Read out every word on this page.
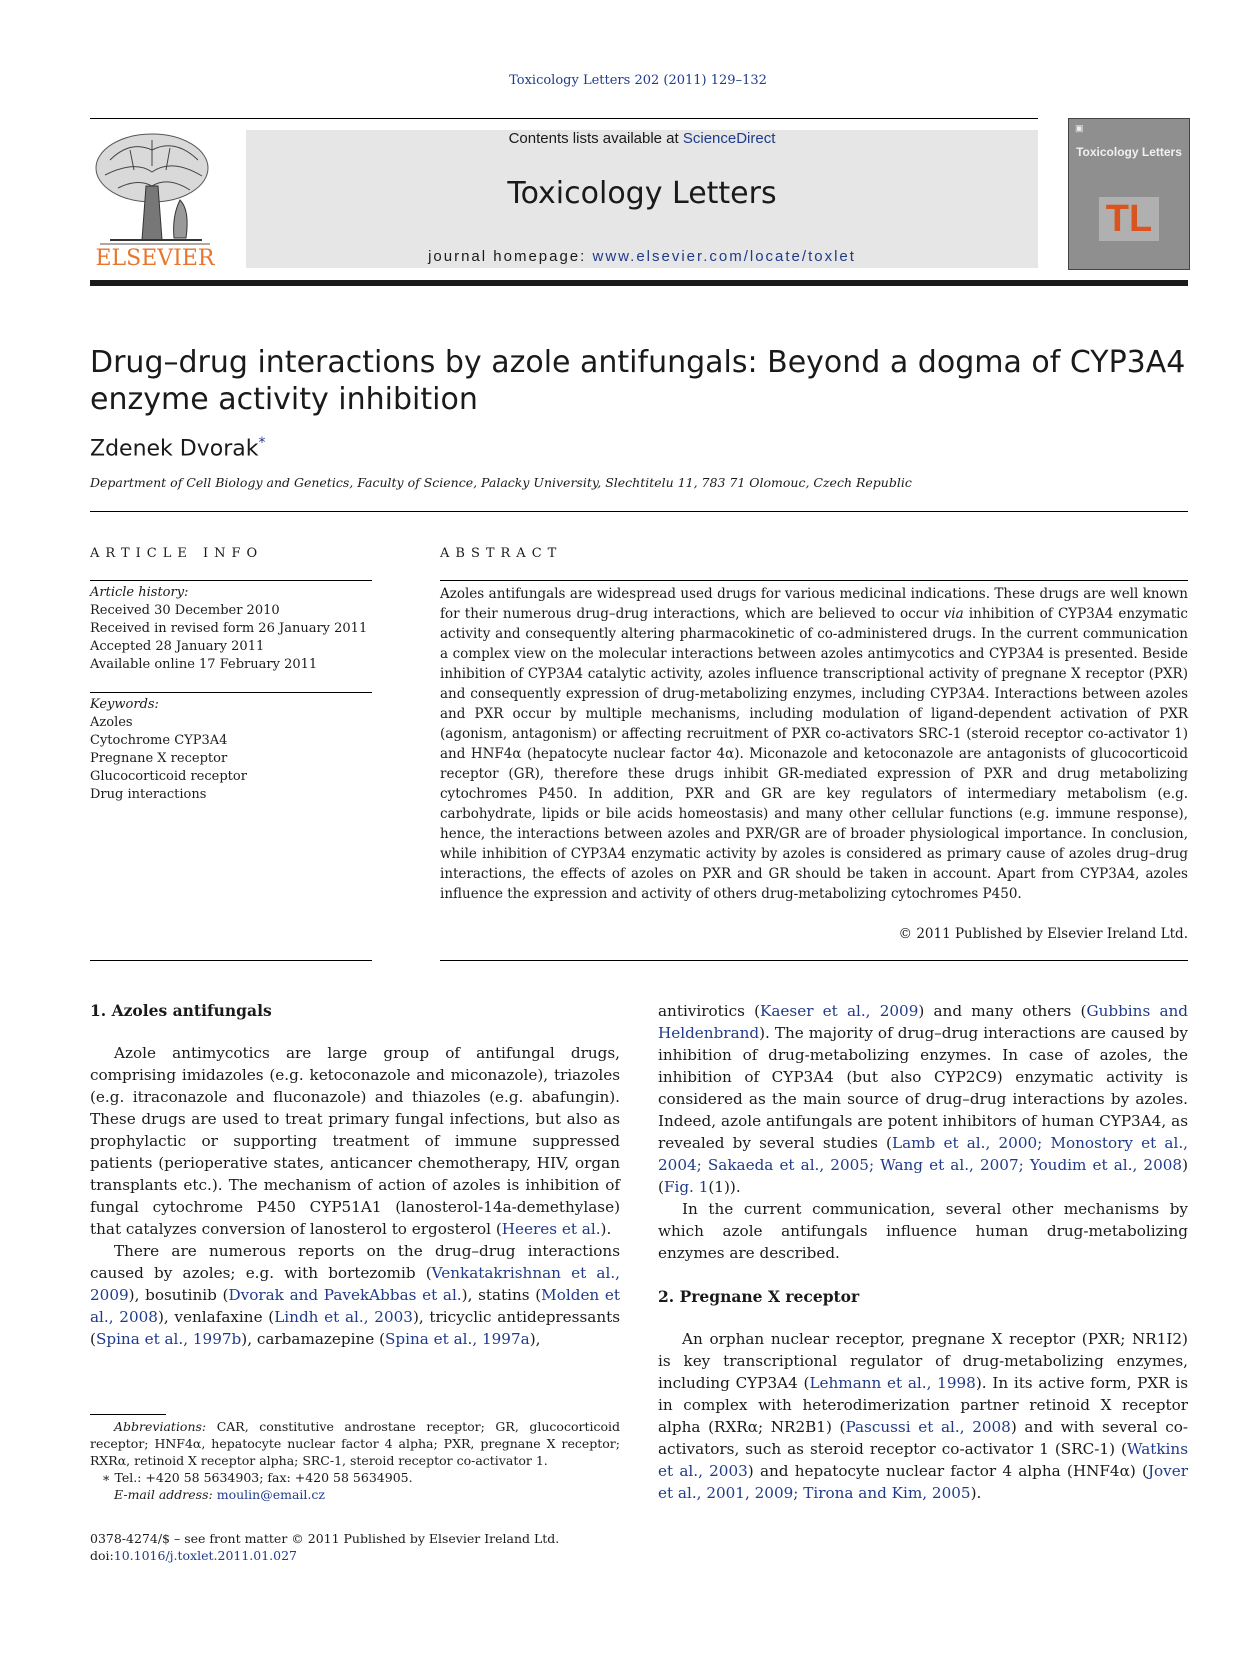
Toxicology Letters 202 (2011) 129–132
ELSEVIER
Contents lists available at ScienceDirect
Toxicology Letters
journal homepage: www.elsevier.com/locate/toxlet
▣
Toxicology Letters
TL
Drug–drug interactions by azole antifungals: Beyond a dogma of CYP3A4 enzyme activity inhibition
Zdenek Dvorak*
Department of Cell Biology and Genetics, Faculty of Science, Palacky University, Slechtitelu 11, 783 71 Olomouc, Czech Republic
ARTICLE INFO	ABSTRACT
Article history:
Received 30 December 2010
Received in revised form 26 January 2011
Accepted 28 January 2011
Available online 17 February 2011
Keywords:
Azoles
Cytochrome CYP3A4
Pregnane X receptor
Glucocorticoid receptor
Drug interactions
Azoles antifungals are widespread used drugs for various medicinal indications. These drugs are well known for their numerous drug–drug interactions, which are believed to occur via inhibition of CYP3A4 enzymatic activity and consequently altering pharmacokinetic of co-administered drugs. In the current communication a complex view on the molecular interactions between azoles antimycotics and CYP3A4 is presented. Beside inhibition of CYP3A4 catalytic activity, azoles influence transcriptional activity of pregnane X receptor (PXR) and consequently expression of drug-metabolizing enzymes, including CYP3A4. Interactions between azoles and PXR occur by multiple mechanisms, including modulation of ligand-dependent activation of PXR (agonism, antagonism) or affecting recruitment of PXR co-activators SRC-1 (steroid receptor co-activator 1) and HNF4α (hepatocyte nuclear factor 4α). Miconazole and ketoconazole are antagonists of glucocorticoid receptor (GR), therefore these drugs inhibit GR-mediated expression of PXR and drug metabolizing cytochromes P450. In addition, PXR and GR are key regulators of intermediary metabolism (e.g. carbohydrate, lipids or bile acids homeostasis) and many other cellular functions (e.g. immune response), hence, the interactions between azoles and PXR/GR are of broader physiological importance. In conclusion, while inhibition of CYP3A4 enzymatic activity by azoles is considered as primary cause of azoles drug–drug interactions, the effects of azoles on PXR and GR should be taken in account. Apart from CYP3A4, azoles influence the expression and activity of others drug-metabolizing cytochromes P450.
© 2011 Published by Elsevier Ireland Ltd.
1. Azoles antifungals

Azole antimycotics are large group of antifungal drugs, comprising imidazoles (e.g. ketoconazole and miconazole), triazoles (e.g. itraconazole and fluconazole) and thiazoles (e.g. abafungin). These drugs are used to treat primary fungal infections, but also as prophylactic or supporting treatment of immune suppressed patients (perioperative states, anticancer chemotherapy, HIV, organ transplants etc.). The mechanism of action of azoles is inhibition of fungal cytochrome P450 CYP51A1 (lanosterol-14a-demethylase) that catalyzes conversion of lanosterol to ergosterol (Heeres et al.).

There are numerous reports on the drug–drug interactions caused by azoles; e.g. with bortezomib (Venkatakrishnan et al., 2009), bosutinib (Dvorak and PavekAbbas et al.), statins (Molden et al., 2008), venlafaxine (Lindh et al., 2003), tricyclic antidepressants (Spina et al., 1997b), carbamazepine (Spina et al., 1997a),

antivirotics (Kaeser et al., 2009) and many others (Gubbins and Heldenbrand). The majority of drug–drug interactions are caused by inhibition of drug-metabolizing enzymes. In case of azoles, the inhibition of CYP3A4 (but also CYP2C9) enzymatic activity is considered as the main source of drug–drug interactions by azoles. Indeed, azole antifungals are potent inhibitors of human CYP3A4, as revealed by several studies (Lamb et al., 2000; Monostory et al., 2004; Sakaeda et al., 2005; Wang et al., 2007; Youdim et al., 2008) (Fig. 1(1)).

In the current communication, several other mechanisms by which azole antifungals influence human drug-metabolizing enzymes are described.

2. Pregnane X receptor

An orphan nuclear receptor, pregnane X receptor (PXR; NR1I2) is key transcriptional regulator of drug-metabolizing enzymes, including CYP3A4 (Lehmann et al., 1998). In its active form, PXR is in complex with heterodimerization partner retinoid X receptor alpha (RXRα; NR2B1) (Pascussi et al., 2008) and with several co-activators, such as steroid receptor co-activator 1 (SRC-1) (Watkins et al., 2003) and hepatocyte nuclear factor 4 alpha (HNF4α) (Jover et al., 2001, 2009; Tirona and Kim, 2005).

Abbreviations: CAR, constitutive androstane receptor; GR, glucocorticoid receptor; HNF4α, hepatocyte nuclear factor 4 alpha; PXR, pregnane X receptor; RXRα, retinoid X receptor alpha; SRC-1, steroid receptor co-activator 1.

∗ Tel.: +420 58 5634903; fax: +420 58 5634905.

E-mail address: moulin@email.cz

0378-4274/$ – see front matter © 2011 Published by Elsevier Ireland Ltd.
doi:10.1016/j.toxlet.2011.01.027
